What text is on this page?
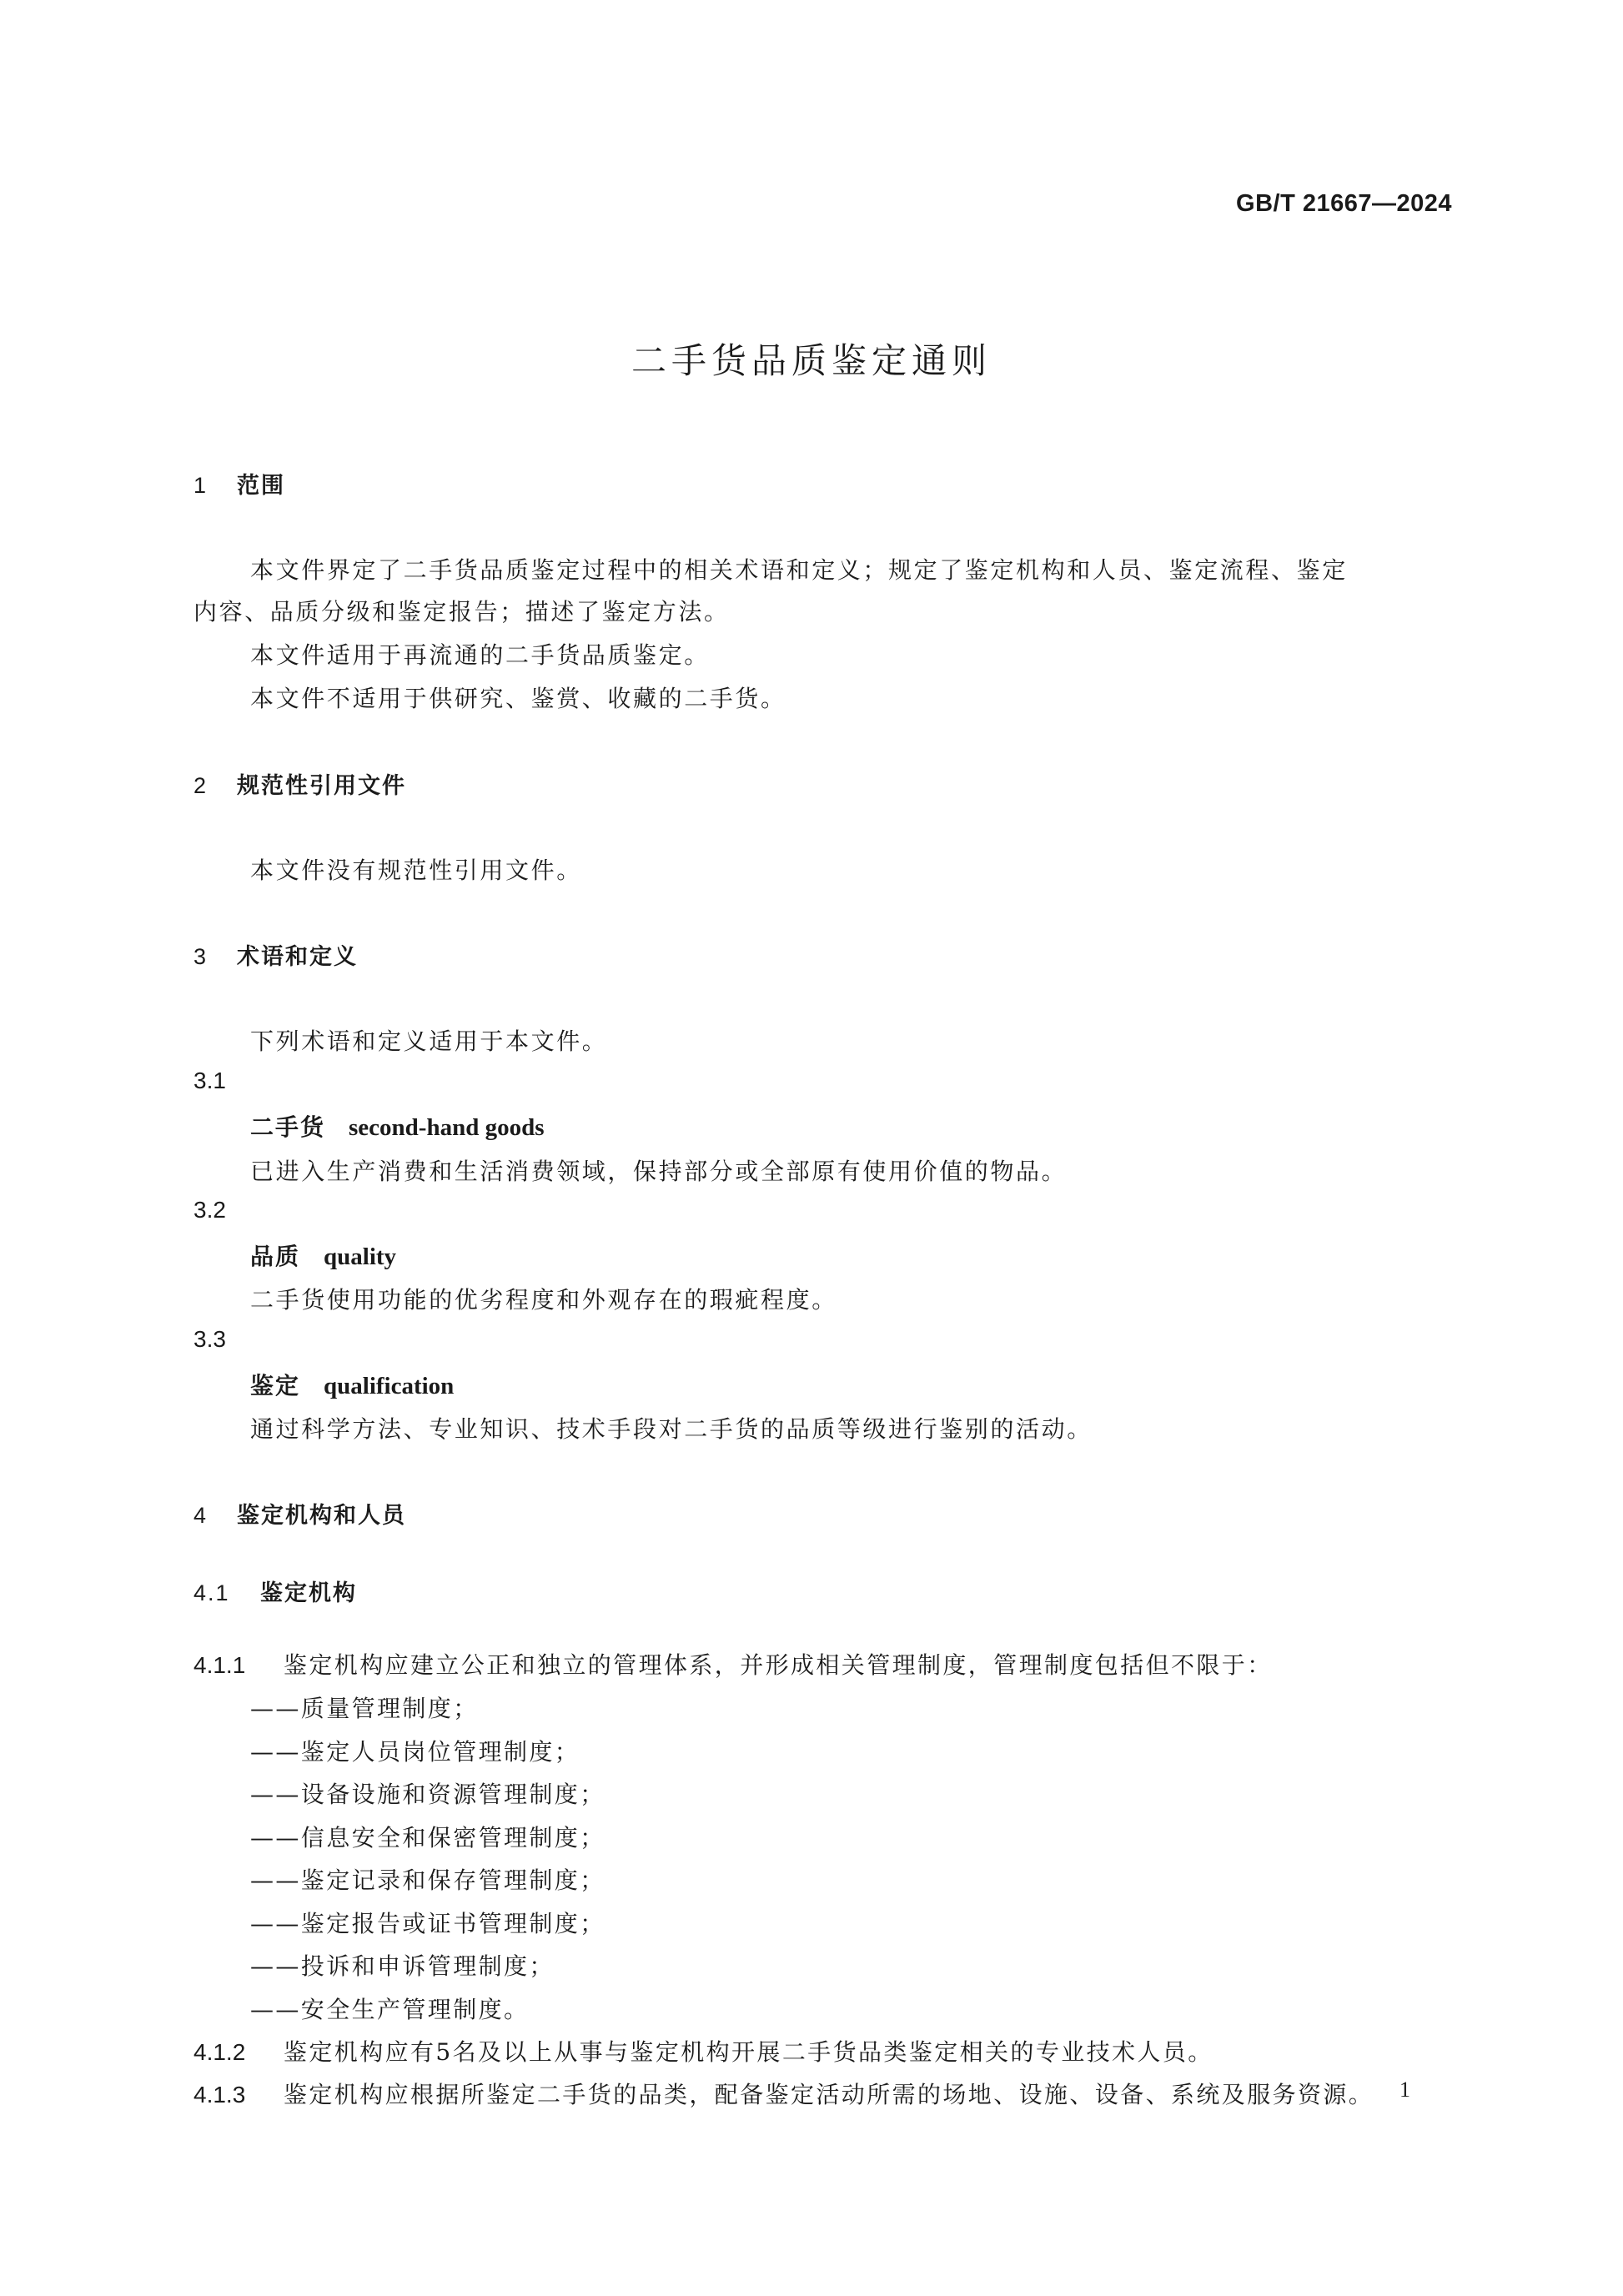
GB/T 21667—2024
二手货品质鉴定通则
1 范围
本文件界定了二手货品质鉴定过程中的相关术语和定义；规定了鉴定机构和人员、鉴定流程、鉴定
内容、品质分级和鉴定报告；描述了鉴定方法。
本文件适用于再流通的二手货品质鉴定。
本文件不适用于供研究、鉴赏、收藏的二手货。
2 规范性引用文件
本文件没有规范性引用文件。
3 术语和定义
下列术语和定义适用于本文件。
3.1
二手货 second-hand goods
已进入生产消费和生活消费领域，保持部分或全部原有使用价值的物品。
3.2
品质 quality
二手货使用功能的优劣程度和外观存在的瑕疵程度。
3.3
鉴定 qualification
通过科学方法、专业知识、技术手段对二手货的品质等级进行鉴别的活动。
4 鉴定机构和人员
4.1 鉴定机构
4.1.1 鉴定机构应建立公正和独立的管理体系，并形成相关管理制度，管理制度包括但不限于：
——质量管理制度；
——鉴定人员岗位管理制度；
——设备设施和资源管理制度；
——信息安全和保密管理制度；
——鉴定记录和保存管理制度；
——鉴定报告或证书管理制度；
——投诉和申诉管理制度；
——安全生产管理制度。
4.1.2 鉴定机构应有5名及以上从事与鉴定机构开展二手货品类鉴定相关的专业技术人员。
4.1.3 鉴定机构应根据所鉴定二手货的品类，配备鉴定活动所需的场地、设施、设备、系统及服务资源。 1
